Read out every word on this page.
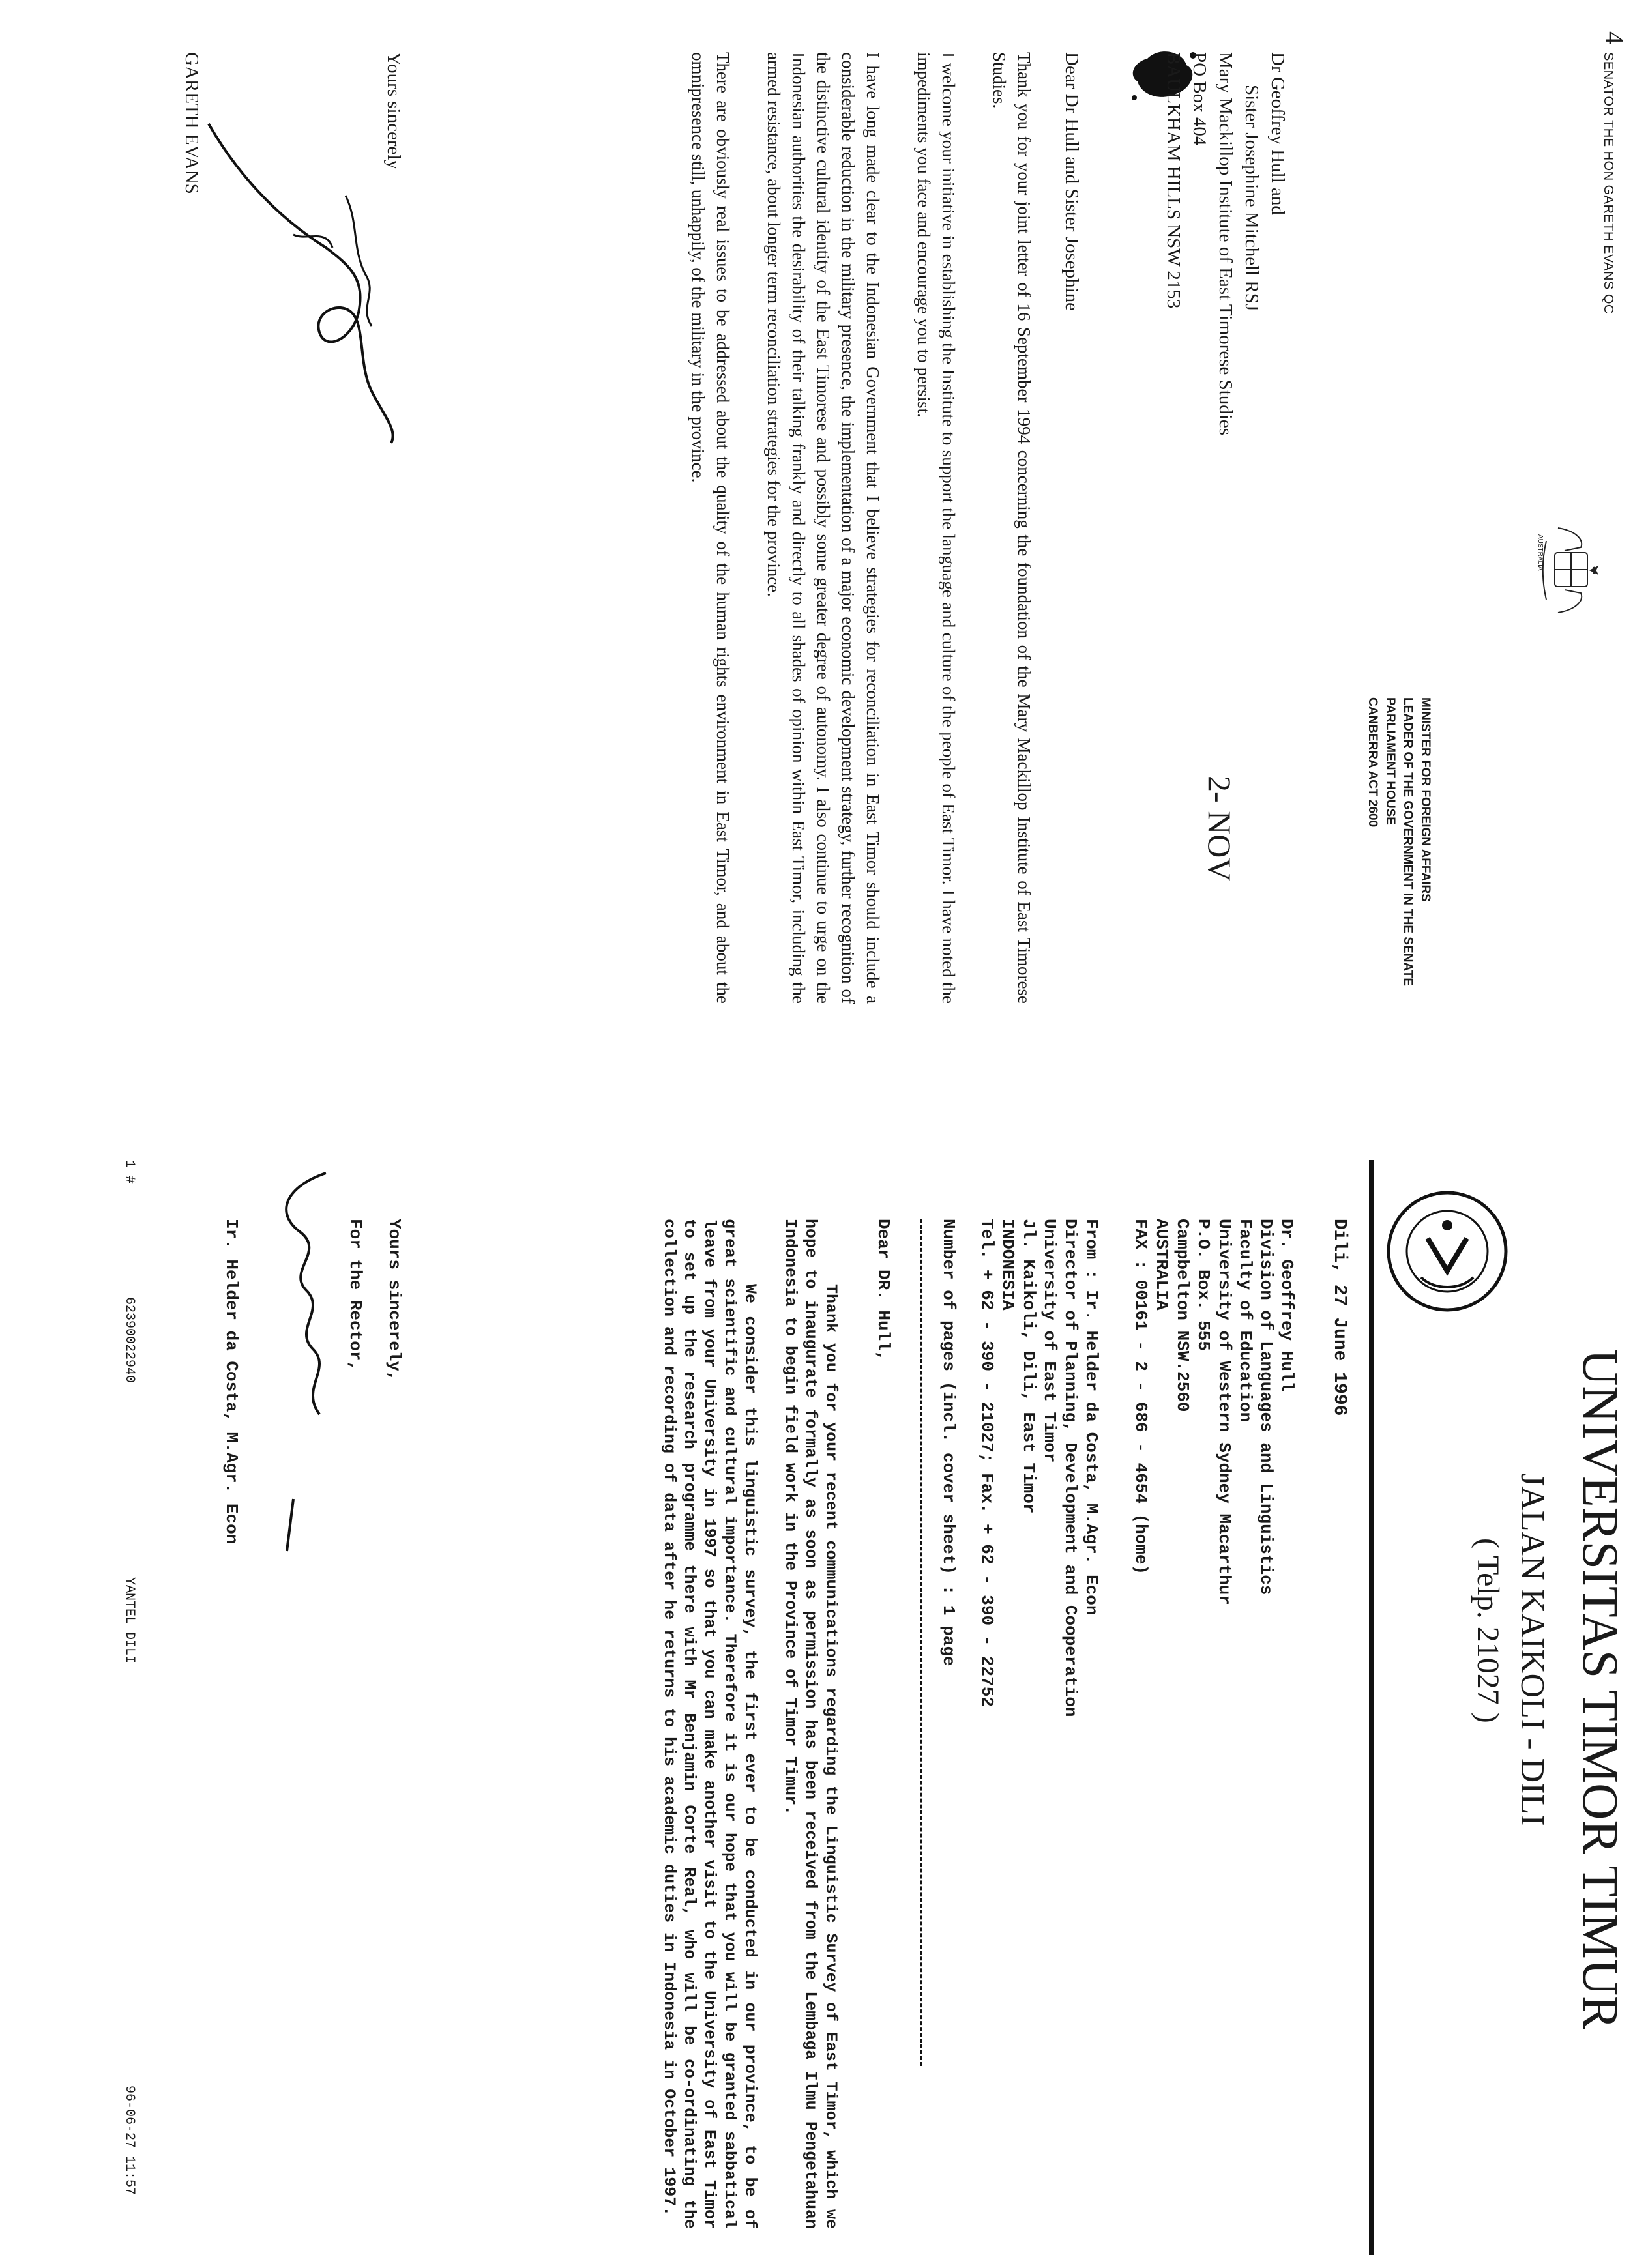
4
SENATOR THE HON GARETH EVANS QC
AUSTRALIA
MINISTER FOR FOREIGN AFFAIRS
LEADER OF THE GOVERNMENT IN THE SENATE
PARLIAMENT HOUSE
CANBERRA ACT 2600
2- NOV
Dr Geoffrey Hull and
Sister Josephine Mitchell RSJ
Mary Mackillop Institute of East Timorese Studies
PO Box 404
BAULKHAM HILLS NSW 2153
Dear Dr Hull and Sister Josephine

Thank you for your joint letter of 16 September 1994 concerning the foundation of the Mary Mackillop Institute of East Timorese Studies.

I welcome your initiative in establishing the Institute to support the language and culture of the people of East Timor. I have noted the impediments you face and encourage you to persist.

I have long made clear to the Indonesian Government that I believe strategies for reconciliation in East Timor should include a considerable reduction in the military presence, the implementation of a major economic development strategy, further recognition of the distinctive cultural identity of the East Timorese and possibly some greater degree of autonomy. I also continue to urge on the Indonesian authorities the desirability of their talking frankly and directly to all shades of opinion within East Timor, including the armed resistance, about longer term reconciliation strategies for the province.

There are obviously real issues to be addressed about the quality of the human rights environment in East Timor, and about the omnipresence still, unhappily, of the military in the province.

Yours sincerely
GARETH EVANS
UNIVERSITAS TIMOR TIMUR
JALAN KAIKOLI - DILI
( Telp. 21027 )
Dili, 27 June 1996
Dr. Geoffrey Hull
Division of Languages and Linguistics
Faculty of Education
University of Western Sydney Macarthur
P.O. Box. 555
Campbelton NSW.2560
AUSTRALIA
FAX : 00161 - 2 - 686 - 4654 (home)
From : Ir. Helder da Costa, M.Agr. Econ
Director of Planning, Development and Cooperation
University of East Timor
Jl. Kaikoli, Dili, East Timor
INDONESIA
Tel. + 62 - 390 - 21027; Fax. + 62 - 390 - 22752
Number of pages (incl. cover sheet) : 1 page
Dear DR. Hull,

Thank you for your recent communications regarding the Linguistic Survey of East Timor, which we hope to inaugurate formally as soon as permission has been received from the Lembaga Ilmu Pengetahuan Indonesia to begin field work in the Province of Timor Timur.

We consider this linguistic survey, the first ever to be conducted in our province, to be of great scientific and cultural importance. Therefore it is our hope that you will be granted sabbatical leave from your University in 1997 so that you can make another visit to the University of East Timor to set up the research programme there with Mr Benjamin Corte Real, who will be co-ordinating the collection and recording of data after he returns to his academic duties in Indonesia in October 1997.

Yours sincerely,
For the Rector,
Ir. Helder da Costa, M.Agr. Econ
1 #
62390022940
YANTEL DILI
96-06-27 11:57
